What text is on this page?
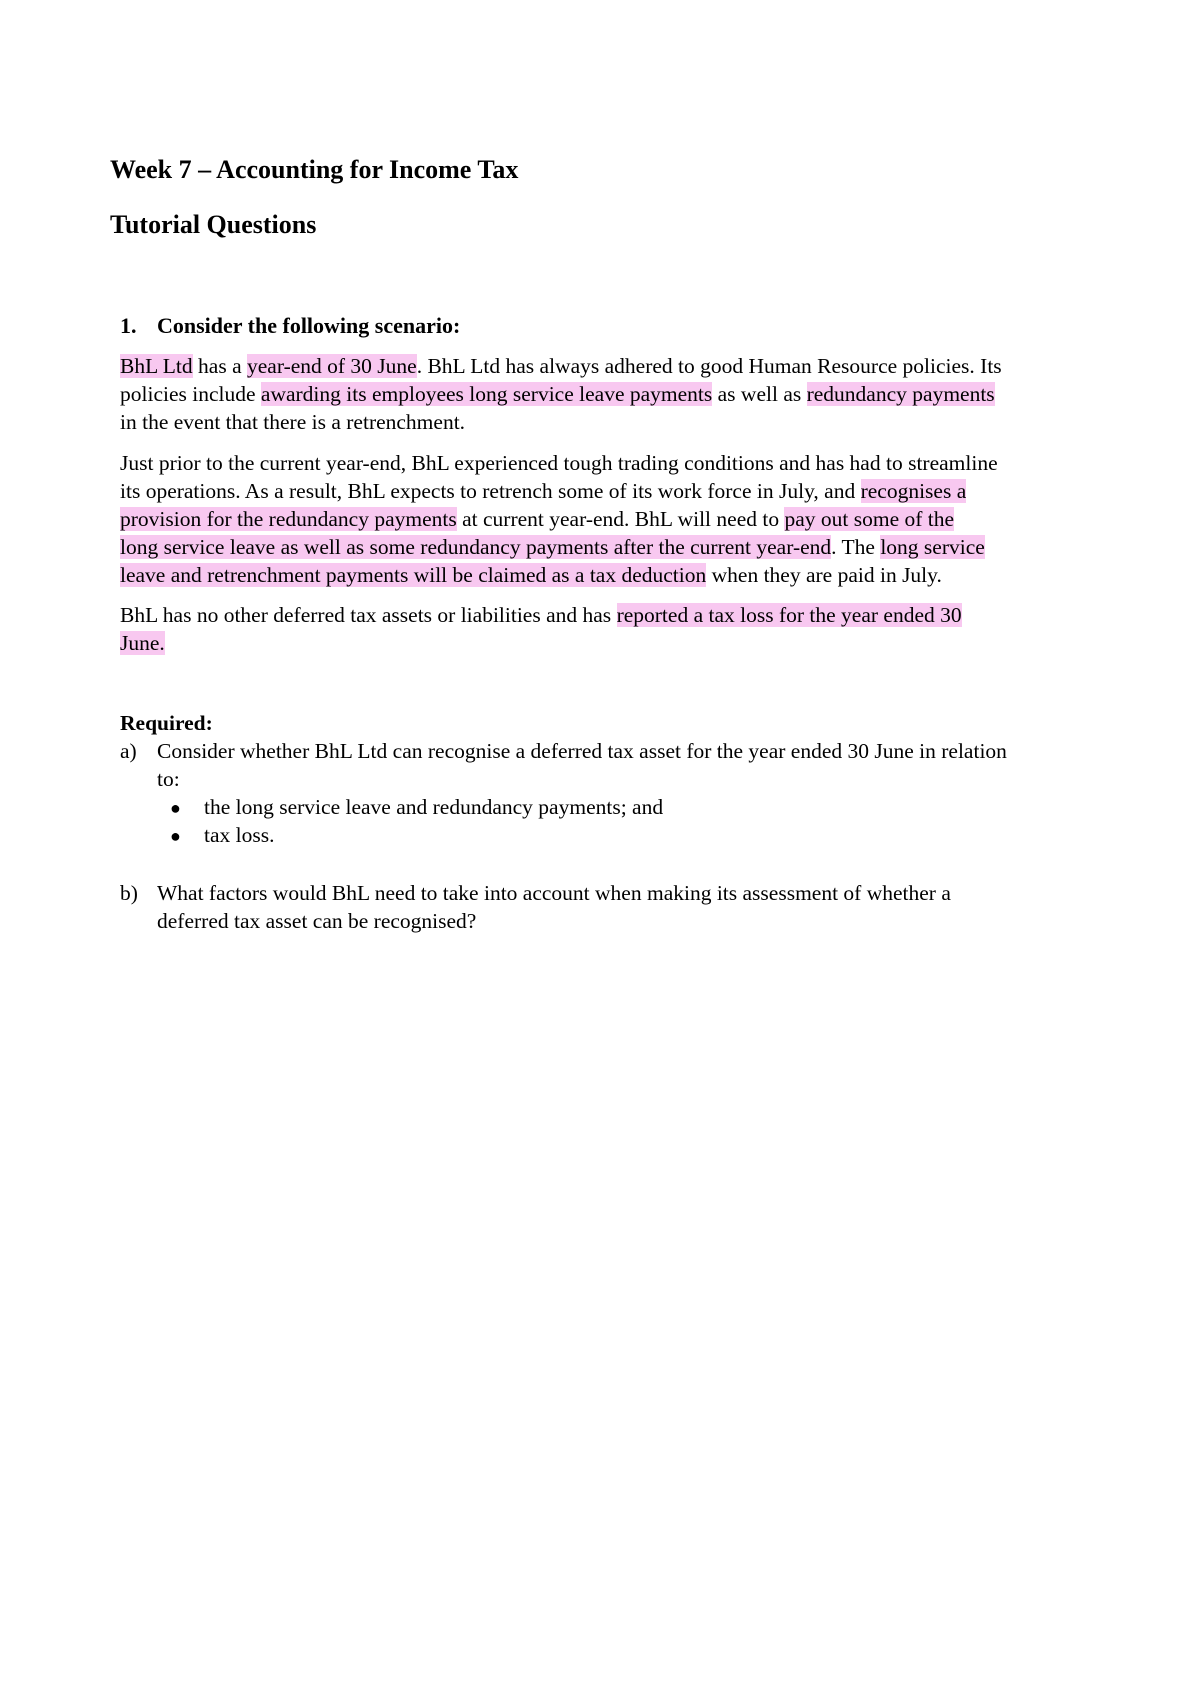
Week 7 – Accounting for Income Tax
Tutorial Questions
1. Consider the following scenario:
BhL Ltd has a year-end of 30 June. BhL Ltd has always adhered to good Human Resource policies. Its
policies include awarding its employees long service leave payments as well as redundancy payments
in the event that there is a retrenchment.
Just prior to the current year-end, BhL experienced tough trading conditions and has had to streamline
its operations. As a result, BhL expects to retrench some of its work force in July, and recognises a
provision for the redundancy payments at current year-end. BhL will need to pay out some of the
long service leave as well as some redundancy payments after the current year-end. The long service
leave and retrenchment payments will be claimed as a tax deduction when they are paid in July.
BhL has no other deferred tax assets or liabilities and has reported a tax loss for the year ended 30
June.
Required:
a) Consider whether BhL Ltd can recognise a deferred tax asset for the year ended 30 June in relation
to:
● the long service leave and redundancy payments; and
● tax loss.
b) What factors would BhL need to take into account when making its assessment of whether a
deferred tax asset can be recognised?
